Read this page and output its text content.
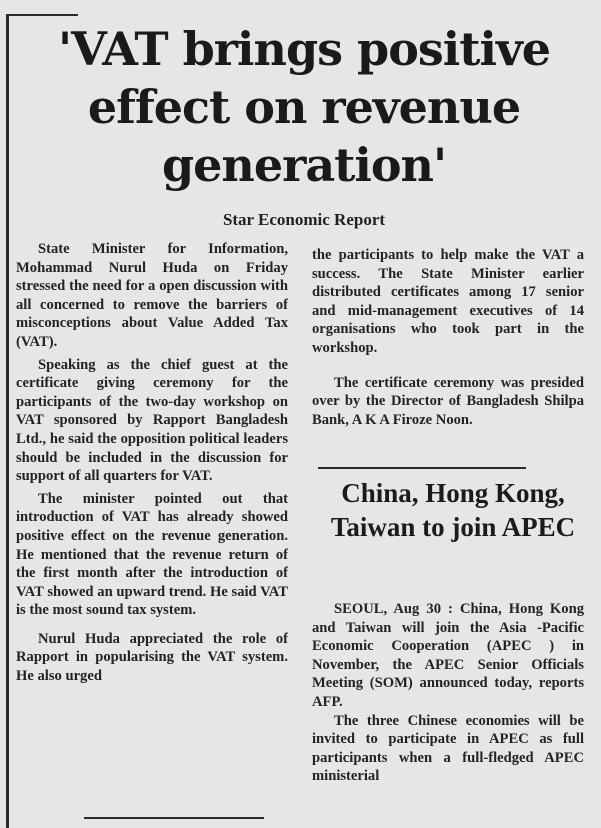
'VAT brings positive effect on revenue generation'
Star Economic Report

State Minister for Information, Mohammad Nurul Huda on Friday stressed the need for a open discussion with all concerned to remove the barriers of misconceptions about Value Added Tax (VAT).

Speaking as the chief guest at the certificate giving ceremony for the participants of the two-day workshop on VAT sponsored by Rapport Bangladesh Ltd., he said the opposition political leaders should be included in the discussion for support of all quarters for VAT.

The minister pointed out that introduction of VAT has already showed positive effect on the revenue generation. He mentioned that the revenue return of the first month after the introduction of VAT showed an upward trend. He said VAT is the most sound tax system.

Nurul Huda appreciated the role of Rapport in popularising the VAT system. He also urged

the participants to help make the VAT a success. The State Minister earlier distributed certificates among 17 senior and mid-management executives of 14 organisations who took part in the workshop.

The certificate ceremony was presided over by the Director of Bangladesh Shilpa Bank, A K A Firoze Noon.

China, Hong Kong, Taiwan to join APEC

SEOUL, Aug 30 : China, Hong Kong and Taiwan will join the Asia -Pacific Economic Cooperation (APEC ) in November, the APEC Senior Officials Meeting (SOM) announced today, reports AFP.

The three Chinese economies will be invited to participate in APEC as full participants when a full-fledged APEC ministerial
